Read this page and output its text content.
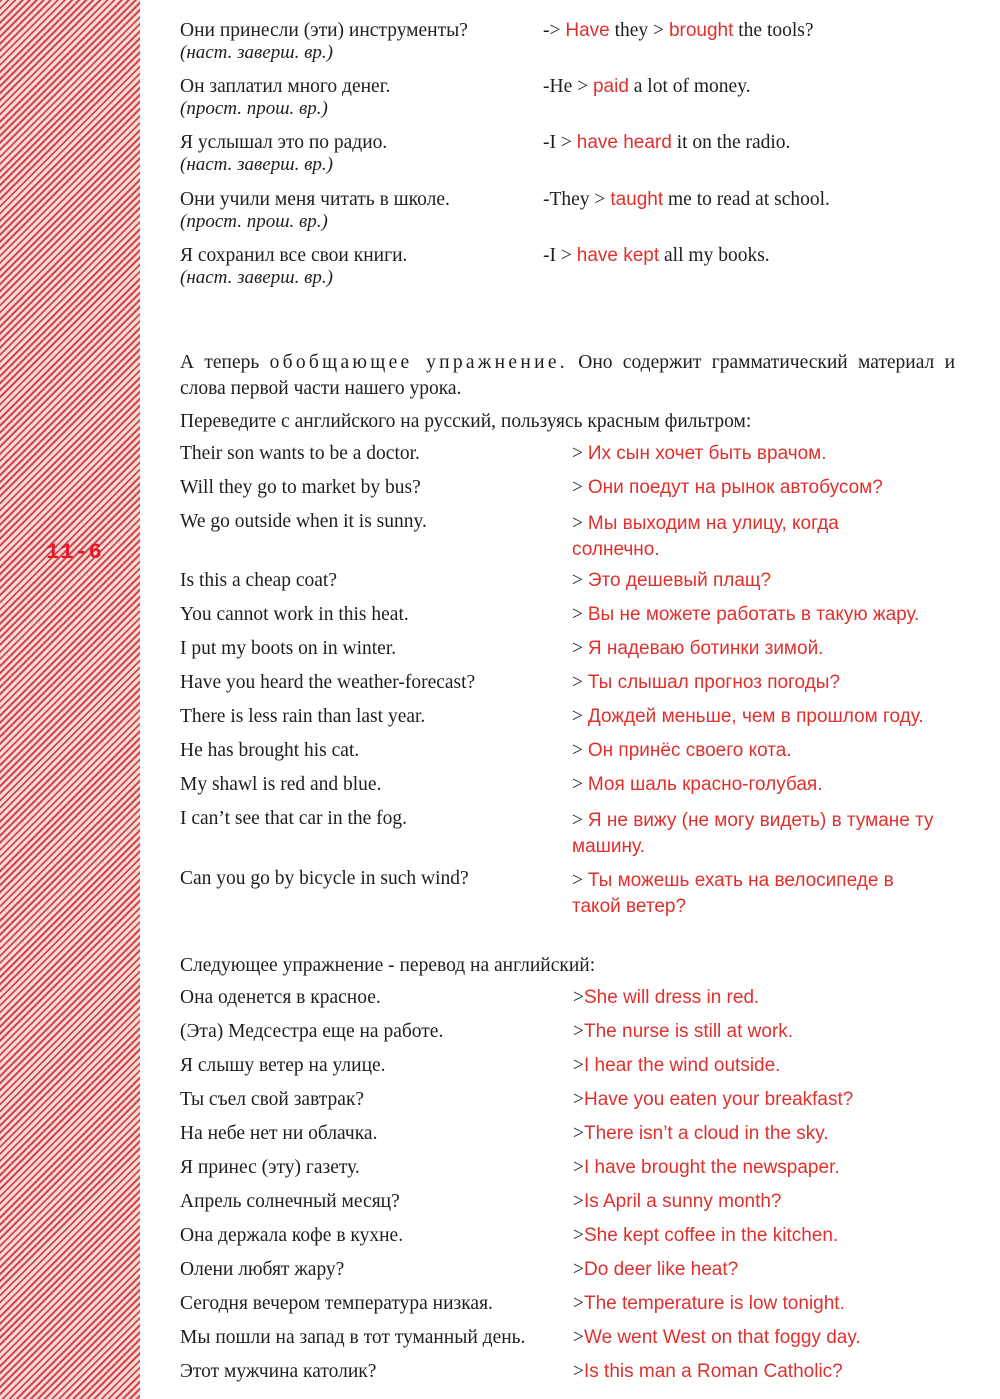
11-6
Они принесли (эти) инструменты?
(наст. заверш. вр.)
-> Have they > brought the tools?
Он заплатил много денег.
(прост. прош. вр.)
-He > paid a lot of money.
Я услышал это по радио.
(наст. заверш. вр.)
-I > have heard it on the radio.
Они учили меня читать в школе.
(прост. прош. вр.)
-They > taught me to read at school.
Я сохранил все свои книги.
(наст. заверш. вр.)
-I > have kept all my books.
А теперь обобщающее упражнение. Оно содержит грамматический материал и слова первой части нашего урока.
Переведите с английского на русский, пользуясь красным фильтром:
Their son wants to be a doctor.	> Их сын хочет быть врачом.
Will they go to market by bus?	> Они поедут на рынок автобусом?
We go outside when it is sunny.	> Мы выходим на улицу, когда солнечно.
Is this a cheap coat?	> Это дешевый плащ?
You cannot work in this heat.	> Вы не можете работать в такую жару.
I put my boots on in winter.	> Я надеваю ботинки зимой.
Have you heard the weather-forecast?	> Ты слышал прогноз погоды?
There is less rain than last year.	> Дождей меньше, чем в прошлом году.
He has brought his cat.	> Он принёс своего кота.
My shawl is red and blue.	> Моя шаль красно-голубая.
I can’t see that car in the fog.	> Я не вижу (не могу видеть) в тумане ту машину.
Can you go by bicycle in such wind?	> Ты можешь ехать на велосипеде в такой ветер?
Следующее упражнение - перевод на английский:
Она оденется в красное.	>She will dress in red.
(Эта) Медсестра еще на работе.	>The nurse is still at work.
Я слышу ветер на улице.	>I hear the wind outside.
Ты съел свой завтрак?	>Have you eaten your breakfast?
На небе нет ни облачка.	>There isn’t a cloud in the sky.
Я принес (эту) газету.	>I have brought the newspaper.
Апрель солнечный месяц?	>Is April a sunny month?
Она держала кофе в кухне.	>She kept coffee in the kitchen.
Олени любят жару?	>Do deer like heat?
Сегодня вечером температура низкая.	>The temperature is low tonight.
Мы пошли на запад в тот туманный день. >We went West on that foggy day.
Этот мужчина католик?	>Is this man a Roman Catholic?
